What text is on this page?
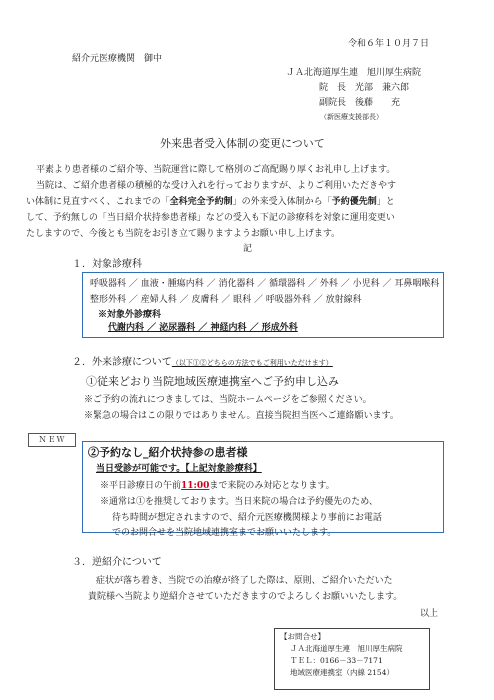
令和６年１０月７日
紹介元医療機関　御中
ＪＡ北海道厚生連　旭川厚生病院
院　長　光部　兼六郎
副院長　後藤　　充
（新医療支援部長）
外来患者受入体制の変更について
平素より患者様のご紹介等、当院運営に際して格別のご高配賜り厚くお礼申し上げます。
当院は、ご紹介患者様の積極的な受け入れを行っておりますが、よりご利用いただきやす
い体制に見直すべく、これまでの「全科完全予約制」の外来受入体制から「予約優先制」と
して、予約無しの「当日紹介状持参患者様」などの受入も下記の診療科を対象に運用変更い
たしますので、今後とも当院をお引き立て賜りますようお願い申し上げます。
記
１．対象診療科
呼吸器科 ／ 血液・腫瘍内科 ／ 消化器科 ／ 循環器科 ／ 外科 ／ 小児科 ／ 耳鼻咽喉科
整形外科 ／ 産婦人科 ／ 皮膚科 ／ 眼科 ／ 呼吸器外科 ／ 放射線科
※対象外診療科
代謝内科 ／ 泌尿器科 ／ 神経内科 ／ 形成外科
２．外来診療について（以下①②どちらの方法でもご利用いただけます）
①従来どおり当院地域医療連携室へご予約申し込み
※ご予約の流れにつきましては、当院ホームページをご参照ください。
※緊急の場合はこの限りではありません。直接当院担当医へご連絡願います。
ＮＥＷ
②予約なし_紹介状持参の患者様
当日受診が可能です。【上記対象診療科】
※平日診療日の午前11:00まで来院のみ対応となります。
※通常は①を推奨しております。当日来院の場合は予約優先のため、
待ち時間が想定されますので、紹介元医療機関様より事前にお電話
でのお問合せを当院地域連携室までお願いいたします。
３．逆紹介について
症状が落ち着き、当院での治療が終了した際は、原則、ご紹介いただいた
貴院様へ当院より逆紹介させていただきますのでよろしくお願いいたします。
以上
【お問合せ】
ＪＡ北海道厚生連　旭川厚生病院
ＴＥＬ：0166－33－7171
地域医療連携室（内線 2154）
